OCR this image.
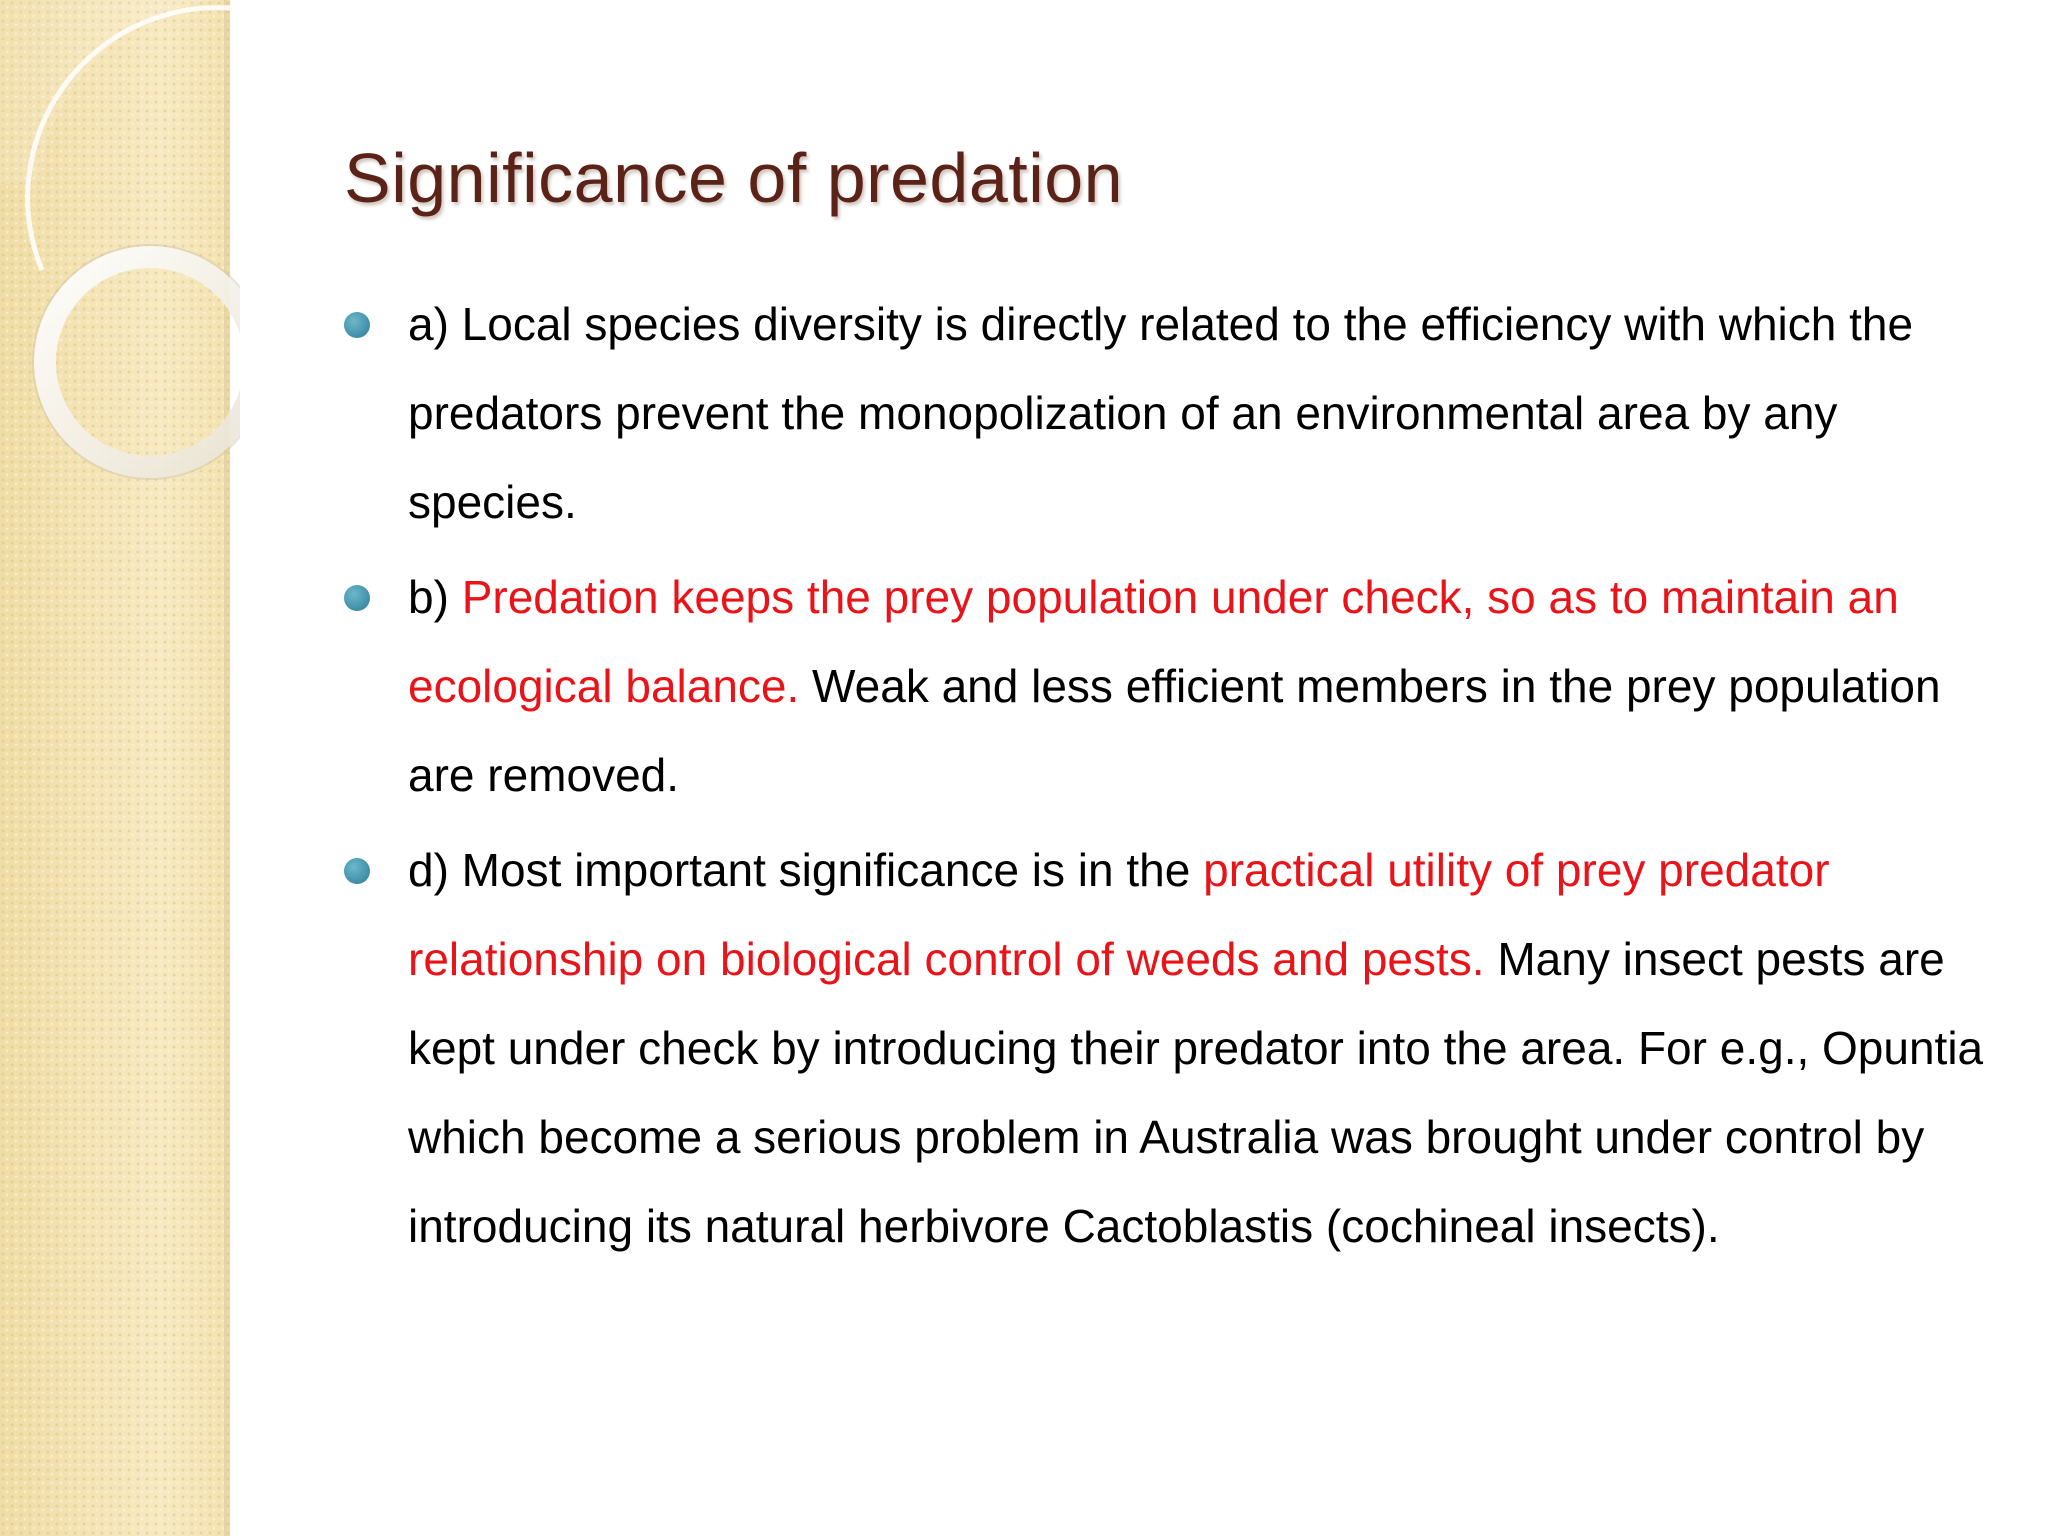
Significance of predation
a) Local species diversity is directly related to the efficiency with which the predators prevent the monopolization of an environmental area by any species.
b) Predation keeps the prey population under check, so as to maintain an ecological balance. Weak and less efficient members in the prey population are removed.
d) Most important significance is in the practical utility of prey predator relationship on biological control of weeds and pests. Many insect pests are kept under check by introducing their predator into the area. For e.g., Opuntia which become a serious problem in Australia was brought under control by introducing its natural herbivore Cactoblastis (cochineal insects).
